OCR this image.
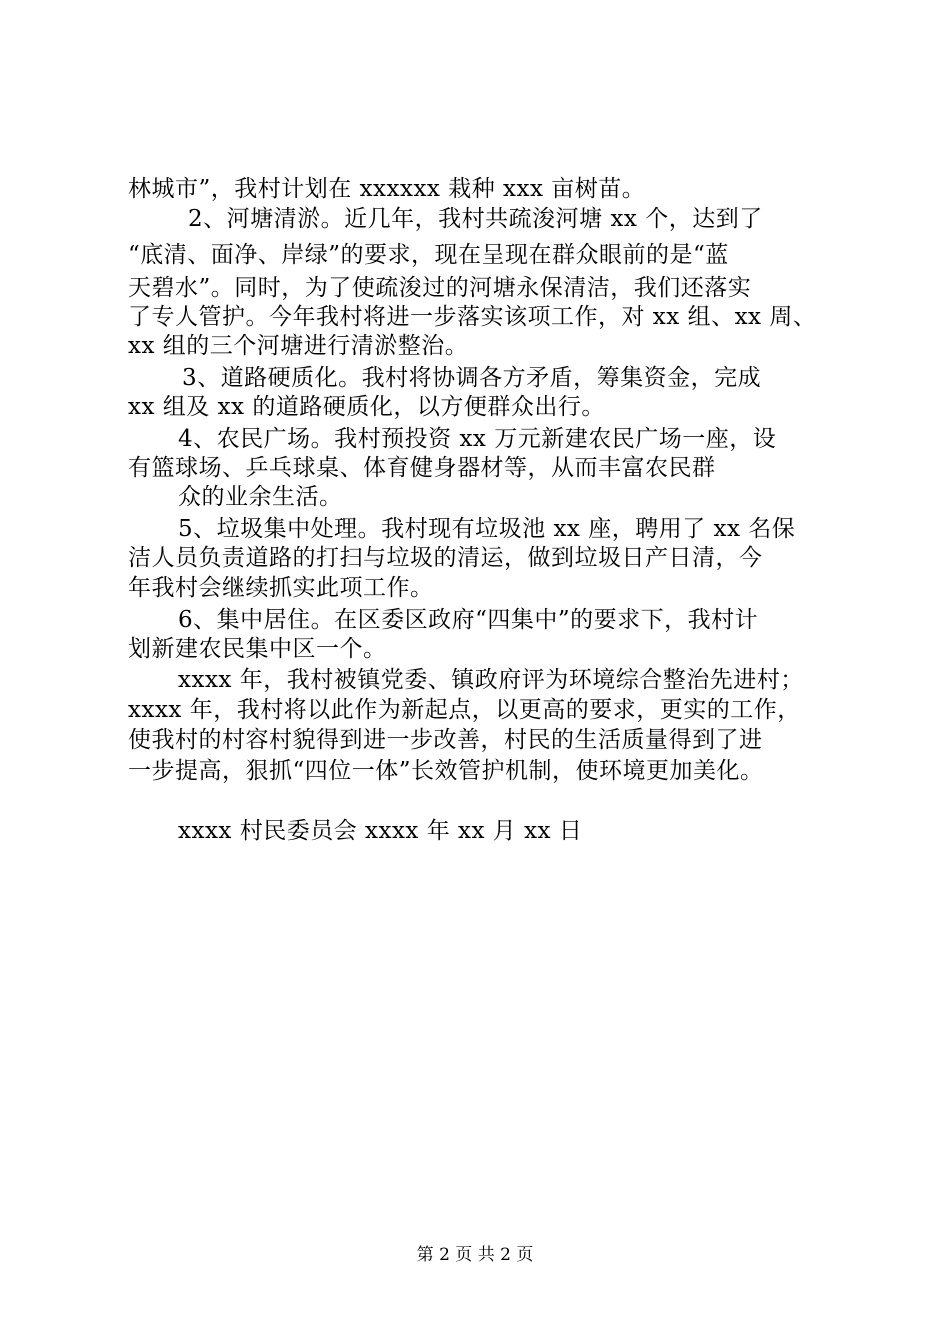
林城市”，我村计划在 xxxxxx 栽种 xxx 亩树苗。
2、河塘清淤。近几年，我村共疏浚河塘 xx 个，达到了
“底清、面净、岸绿”的要求，现在呈现在群众眼前的是“蓝
天碧水”。同时，为了使疏浚过的河塘永保清洁，我们还落实
了专人管护。今年我村将进一步落实该项工作，对 xx 组、xx 周、
xx 组的三个河塘进行清淤整治。
3、道路硬质化。我村将协调各方矛盾，筹集资金，完成
xx 组及 xx 的道路硬质化，以方便群众出行。
4、农民广场。我村预投资 xx 万元新建农民广场一座，设
有篮球场、乒乓球桌、体育健身器材等，从而丰富农民群
众的业余生活。
5、垃圾集中处理。我村现有垃圾池 xx 座，聘用了 xx 名保
洁人员负责道路的打扫与垃圾的清运，做到垃圾日产日清，今
年我村会继续抓实此项工作。
6、集中居住。在区委区政府“四集中”的要求下，我村计
划新建农民集中区一个。
xxxx 年，我村被镇党委、镇政府评为环境综合整治先进村；
xxxx 年，我村将以此作为新起点，以更高的要求，更实的工作，
使我村的村容村貌得到进一步改善，村民的生活质量得到了进
一步提高，狠抓“四位一体”长效管护机制，使环境更加美化。
xxxx 村民委员会 xxxx 年 xx 月 xx 日
第 2 页 共 2 页
